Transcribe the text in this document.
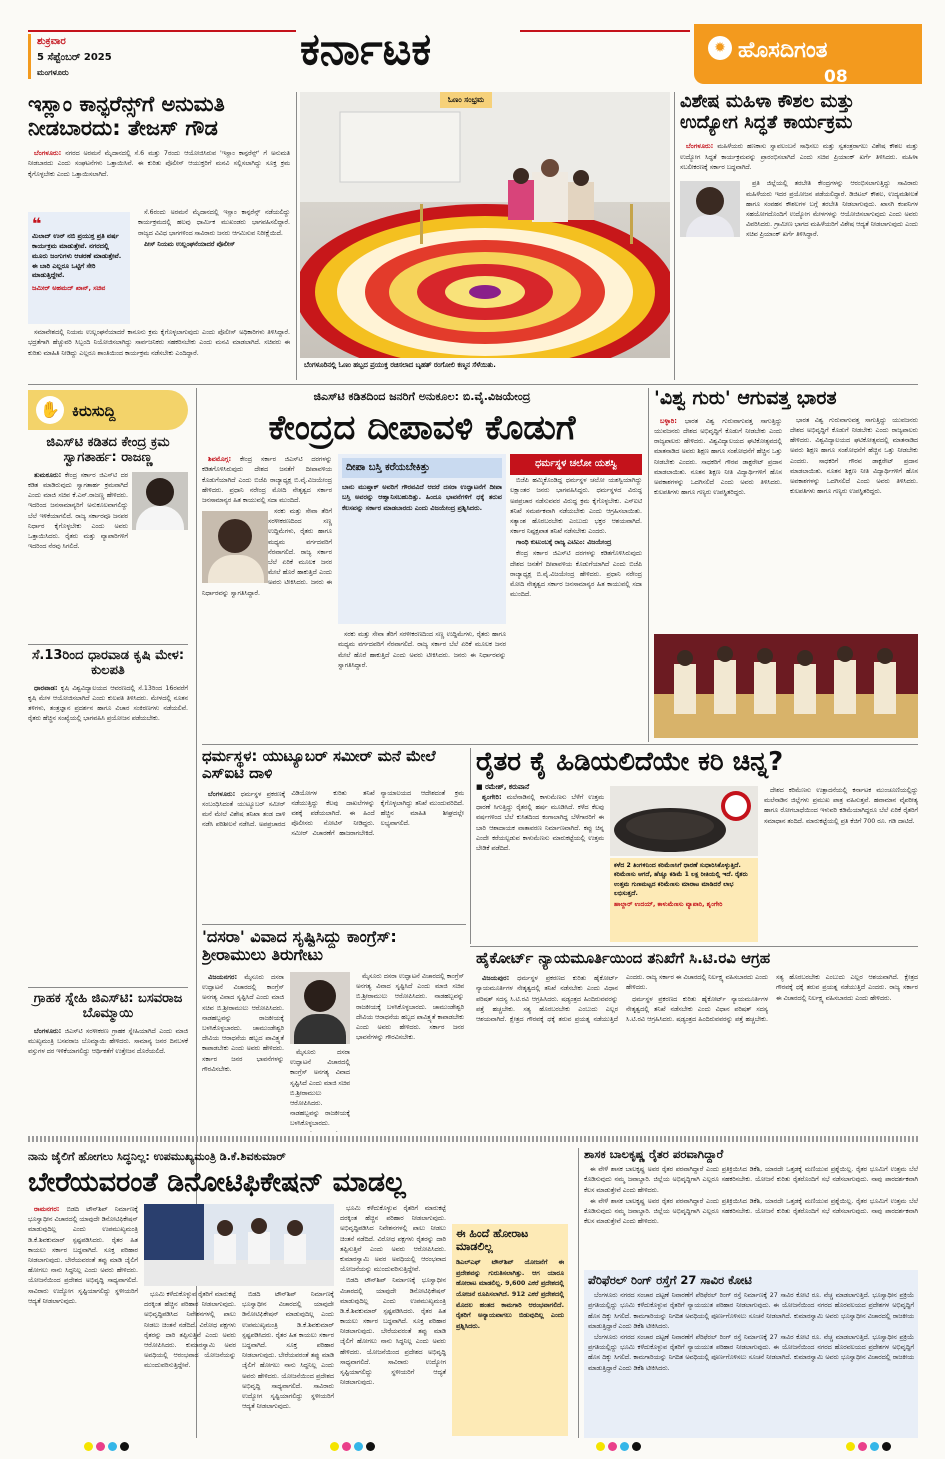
ಶುಕ್ರವಾರ
5 ಸೆಪ್ಟೆಂಬರ್ 2025
ಮಂಗಳೂರು	ಕರ್ನಾಟಕ	✹ ಹೊಸದಿಗಂತ
08
ಇಸ್ಲಾಂ ಕಾನ್ಫರೆನ್ಸ್‌ಗೆ ಅನುಮತಿ ನೀಡಬಾರದು: ತೇಜಸ್ ಗೌಡ

ಬೆಂಗಳೂರು: ನಗರದ ಅರಮನೆ ಮೈದಾನದಲ್ಲಿ ಸೆ.6 ಮತ್ತು 7ರಂದು ಆಯೋಜಿಸಿರುವ 'ಇಸ್ಲಾಂ ಕಾನ್ಫರೆನ್ಸ್' ಗೆ ಅನುಮತಿ ನೀಡಬಾರದು ಎಂದು ಸಂಘಟನೆಗಳು ಒತ್ತಾಯಿಸಿವೆ. ಈ ಕುರಿತು ಪೊಲೀಸ್ ಆಯುಕ್ತರಿಗೆ ಮನವಿ ಸಲ್ಲಿಸಲಾಗಿದ್ದು ಸೂಕ್ತ ಕ್ರಮ ಕೈಗೊಳ್ಳಬೇಕು ಎಂದು ಒತ್ತಾಯಿಸಲಾಗಿದೆ.

❝
ಮಿಲಾದ್ ಉನ್ ನಬಿ ಪ್ರಯುಕ್ತ ಪ್ರತಿ ವರ್ಷ ಕಾರ್ಯಕ್ರಮ ಮಾಡುತ್ತೇವೆ. ನಗರದಲ್ಲಿ ಮೂರು ಜಂಗುಗಳು ಆಚರಣೆ ಮಾಡುತ್ತೇವೆ. ಈ ಬಾರಿ ಎಲ್ಲರೂ ಒಟ್ಟಿಗೆ ಸೇರಿ ಮಾಡುತ್ತಿದ್ದೇವೆ.
ಜಮೀರ್ ಅಹಮದ್ ಖಾನ್, ಸಚಿವ

ಸೆ.6ರಂದು ಅರಮನೆ ಮೈದಾನದಲ್ಲಿ ಇಸ್ಲಾಂ ಕಾನ್ಫರೆನ್ಸ್ ನಡೆಯಲಿದ್ದು ಕಾರ್ಯಕ್ರಮದಲ್ಲಿ ಹಲವು ಧಾರ್ಮಿಕ ಮುಖಂಡರು ಭಾಗವಹಿಸಲಿದ್ದಾರೆ. ರಾಜ್ಯದ ವಿವಿಧ ಭಾಗಗಳಿಂದ ಸಾವಿರಾರು ಜನರು ಆಗಮಿಸುವ ನಿರೀಕ್ಷೆಯಿದೆ.

ಪೀಸ್ ನಿಯಮ ಉಲ್ಲಂಘನೆಯಾದರೆ ಪೊಲೀಸ್

ಸಮಾವೇಶದಲ್ಲಿ ನಿಯಮ ಉಲ್ಲಂಘನೆಯಾದರೆ ಕಾನೂನು ಕ್ರಮ ಕೈಗೊಳ್ಳಲಾಗುವುದು ಎಂದು ಪೊಲೀಸ್ ಅಧಿಕಾರಿಗಳು ತಿಳಿಸಿದ್ದಾರೆ. ಭದ್ರತೆಗಾಗಿ ಹೆಚ್ಚುವರಿ ಸಿಬ್ಬಂದಿ ನಿಯೋಜಿಸಲಾಗಿದ್ದು ಸಾರ್ವಜನಿಕರು ಸಹಕರಿಸಬೇಕು ಎಂದು ಮನವಿ ಮಾಡಲಾಗಿದೆ. ಸಚಿವರು ಈ ಕುರಿತು ಮಾಹಿತಿ ನೀಡಿದ್ದು ಎಲ್ಲರೂ ಶಾಂತಿಯಿಂದ ಕಾರ್ಯಕ್ರಮ ನಡೆಸಬೇಕು ಎಂದಿದ್ದಾರೆ.

ಓಣಂ ಸಂಭ್ರಮ
ಬೆಂಗಳೂರಿನಲ್ಲಿ ಓಣಂ ಹಬ್ಬದ ಪ್ರಯುಕ್ತ ರಚಿಸಲಾದ ಬೃಹತ್ ರಂಗೋಲಿ ಕಣ್ಮನ ಸೆಳೆಯಿತು.
ವಿಶೇಷ ಮಹಿಳಾ ಕೌಶಲ ಮತ್ತು ಉದ್ಯೋಗ ಸಿದ್ಧತೆ ಕಾರ್ಯಕ್ರಮ

ಬೆಂಗಳೂರು: ಮಹಿಳೆಯರು ಹಣಕಾಸು ಸ್ವಾವಲಂಬನೆ ಸಾಧಿಸಲು ಮತ್ತು ಸ್ವತಂತ್ರರಾಗಲು ವಿಶೇಷ ಕೌಶಲ ಮತ್ತು ಉದ್ಯೋಗ ಸಿದ್ಧತೆ ಕಾರ್ಯಕ್ರಮವನ್ನು ಪ್ರಾರಂಭಿಸಲಾಗಿದೆ ಎಂದು ಸಚಿವ ಪ್ರಿಯಾಂಕ್ ಖರ್ಗೆ ತಿಳಿಸಿದರು. ಮಹಿಳಾ ಸಬಲೀಕರಣಕ್ಕೆ ಸರ್ಕಾರ ಬದ್ಧವಾಗಿದೆ.

ಪ್ರತಿ ಜಿಲ್ಲೆಯಲ್ಲಿ ತರಬೇತಿ ಕೇಂದ್ರಗಳನ್ನು ಆರಂಭಿಸಲಾಗುತ್ತಿದ್ದು ಸಾವಿರಾರು ಮಹಿಳೆಯರು ಇದರ ಪ್ರಯೋಜನ ಪಡೆಯಲಿದ್ದಾರೆ. ಡಿಜಿಟಲ್ ಕೌಶಲ, ಉದ್ಯಮಶೀಲತೆ ಹಾಗೂ ಸಂವಹನ ಕೌಶಲಗಳ ಬಗ್ಗೆ ತರಬೇತಿ ನೀಡಲಾಗುವುದು. ಖಾಸಗಿ ಕಂಪನಿಗಳ ಸಹಯೋಗದೊಂದಿಗೆ ಉದ್ಯೋಗ ಮೇಳಗಳನ್ನು ಆಯೋಜಿಸಲಾಗುವುದು ಎಂದು ಅವರು ವಿವರಿಸಿದರು. ಗ್ರಾಮೀಣ ಭಾಗದ ಮಹಿಳೆಯರಿಗೆ ವಿಶೇಷ ಆದ್ಯತೆ ನೀಡಲಾಗುವುದು ಎಂದು ಸಚಿವ ಪ್ರಿಯಾಂಕ್ ಖರ್ಗೆ ತಿಳಿಸಿದ್ದಾರೆ.

✋ ಕಿರುಸುದ್ದಿ
ಜಿಎಸ್‌ಟಿ ಕಡಿತದ ಕೇಂದ್ರ ಕ್ರಮ ಸ್ವಾಗತಾರ್ಹ: ರಾಜಣ್ಣ

ತುಮಕೂರು: ಕೇಂದ್ರ ಸರ್ಕಾರ ಜಿಎಸ್‌ಟಿ ದರ ಕಡಿತ ಮಾಡಿರುವುದು ಸ್ವಾಗತಾರ್ಹ ಕ್ರಮವಾಗಿದೆ ಎಂದು ಮಾಜಿ ಸಚಿವ ಕೆ.ಎನ್.ರಾಜಣ್ಣ ಹೇಳಿದರು. ಇದರಿಂದ ಜನಸಾಮಾನ್ಯರಿಗೆ ಅನುಕೂಲವಾಗಲಿದ್ದು ಬೆಲೆ ಇಳಿಕೆಯಾಗಲಿದೆ. ರಾಜ್ಯ ಸರ್ಕಾರವೂ ಜನಪರ ನಿರ್ಧಾರ ಕೈಗೊಳ್ಳಬೇಕು ಎಂದು ಅವರು ಒತ್ತಾಯಿಸಿದರು. ರೈತರು ಮತ್ತು ವ್ಯಾಪಾರಿಗಳಿಗೆ ಇದರಿಂದ ನೆರವು ಸಿಗಲಿದೆ.

ಸೆ.13ರಿಂದ ಧಾರವಾಡ ಕೃಷಿ ಮೇಳ: ಕುಲಪತಿ

ಧಾರವಾಡ: ಕೃಷಿ ವಿಶ್ವವಿದ್ಯಾಲಯದ ಆವರಣದಲ್ಲಿ ಸೆ.13ರಿಂದ 16ರವರೆಗೆ ಕೃಷಿ ಮೇಳ ಆಯೋಜಿಸಲಾಗಿದೆ ಎಂದು ಕುಲಪತಿ ತಿಳಿಸಿದರು. ಮೇಳದಲ್ಲಿ ನೂತನ ತಳಿಗಳು, ತಂತ್ರಜ್ಞಾನ ಪ್ರದರ್ಶನ ಹಾಗೂ ವಿಚಾರ ಸಂಕಿರಣಗಳು ನಡೆಯಲಿವೆ. ರೈತರು ಹೆಚ್ಚಿನ ಸಂಖ್ಯೆಯಲ್ಲಿ ಭಾಗವಹಿಸಿ ಪ್ರಯೋಜನ ಪಡೆಯಬೇಕು.

ಗ್ರಾಹಕ ಸ್ನೇಹಿ ಜಿಎಸ್‌ಟಿ: ಬಸವರಾಜ ಬೊಮ್ಮಾಯಿ

ಬೆಂಗಳೂರು: ಜಿಎಸ್‌ಟಿ ಸರಳೀಕರಣ ಗ್ರಾಹಕ ಸ್ನೇಹಿಯಾಗಿದೆ ಎಂದು ಮಾಜಿ ಮುಖ್ಯಮಂತ್ರಿ ಬಸವರಾಜ ಬೊಮ್ಮಾಯಿ ಹೇಳಿದರು. ಸಾಮಾನ್ಯ ಜನರ ದಿನಬಳಕೆ ವಸ್ತುಗಳ ದರ ಇಳಿಕೆಯಾಗಲಿದ್ದು ಆರ್ಥಿಕತೆಗೆ ಉತ್ತೇಜನ ದೊರೆಯಲಿದೆ.

ಜಿಎಸ್‌ಟಿ ಕಡಿತದಿಂದ ಜನರಿಗೆ ಅನುಕೂಲ: ಬಿ.ವೈ.ವಿಜಯೇಂದ್ರ
ಕೇಂದ್ರದ ದೀಪಾವಳಿ ಕೊಡುಗೆ

ಶಿವಮೊಗ್ಗ: ಕೇಂದ್ರ ಸರ್ಕಾರ ಜಿಎಸ್‌ಟಿ ದರಗಳನ್ನು ಕಡಿತಗೊಳಿಸಿರುವುದು ದೇಶದ ಜನತೆಗೆ ದೀಪಾವಳಿಯ ಕೊಡುಗೆಯಾಗಿದೆ ಎಂದು ಬಿಜೆಪಿ ರಾಜ್ಯಾಧ್ಯಕ್ಷ ಬಿ.ವೈ.ವಿಜಯೇಂದ್ರ ಹೇಳಿದರು. ಪ್ರಧಾನಿ ನರೇಂದ್ರ ಮೋದಿ ನೇತೃತ್ವದ ಸರ್ಕಾರ ಜನಸಾಮಾನ್ಯರ ಹಿತ ಕಾಯುವಲ್ಲಿ ಸದಾ ಮುಂದಿದೆ.

ಸರಕು ಮತ್ತು ಸೇವಾ ತೆರಿಗೆ ಸರಳೀಕರಣದಿಂದ ಸಣ್ಣ ಉದ್ದಿಮೆಗಳು, ರೈತರು ಹಾಗೂ ಮಧ್ಯಮ ವರ್ಗದವರಿಗೆ ನೆರವಾಗಲಿದೆ. ರಾಜ್ಯ ಸರ್ಕಾರ ಬೆಲೆ ಏರಿಕೆ ಮೂಲಕ ಜನರ ಮೇಲೆ ಹೊರೆ ಹಾಕುತ್ತಿದೆ ಎಂದು ಅವರು ಟೀಕಿಸಿದರು. ಜನರು ಈ ನಿರ್ಧಾರವನ್ನು ಸ್ವಾಗತಿಸಿದ್ದಾರೆ.

ದೀಪಾ ಬಸ್ತಿ ಕರೆಯಬೇಕಿತ್ತು
ಬಾನು ಮುಷ್ತಾಕ್ ಅವರಿಗೆ ಗೌರವವಿದೆ ಆದರೆ ದಸರಾ ಉದ್ಘಾಟನೆಗೆ ದೀಪಾ ಬಸ್ತಿ ಅವರನ್ನು ಆಹ್ವಾನಿಸಬಹುದಿತ್ತು. ಹಿಂದೂ ಭಾವನೆಗಳಿಗೆ ಧಕ್ಕೆ ತರುವ ಕೆಲಸವನ್ನು ಸರ್ಕಾರ ಮಾಡಬಾರದು ಎಂದು ವಿಜಯೇಂದ್ರ ಪ್ರಶ್ನಿಸಿದರು.

ಸರಕು ಮತ್ತು ಸೇವಾ ತೆರಿಗೆ ಸರಳೀಕರಣದಿಂದ ಸಣ್ಣ ಉದ್ದಿಮೆಗಳು, ರೈತರು ಹಾಗೂ ಮಧ್ಯಮ ವರ್ಗದವರಿಗೆ ನೆರವಾಗಲಿದೆ. ರಾಜ್ಯ ಸರ್ಕಾರ ಬೆಲೆ ಏರಿಕೆ ಮೂಲಕ ಜನರ ಮೇಲೆ ಹೊರೆ ಹಾಕುತ್ತಿದೆ ಎಂದು ಅವರು ಟೀಕಿಸಿದರು. ಜನರು ಈ ನಿರ್ಧಾರವನ್ನು ಸ್ವಾಗತಿಸಿದ್ದಾರೆ.

ಧರ್ಮಸ್ಥಳ ಚಲೋ ಯಶಸ್ವಿ

ಬಿಜೆಪಿ ಹಮ್ಮಿಕೊಂಡಿದ್ದ ಧರ್ಮಸ್ಥಳ ಚಲೋ ಯಶಸ್ವಿಯಾಗಿದ್ದು ಲಕ್ಷಾಂತರ ಜನರು ಭಾಗವಹಿಸಿದ್ದರು. ಧರ್ಮಸ್ಥಳದ ವಿರುದ್ಧ ಅಪಪ್ರಚಾರ ನಡೆಸುವವರ ವಿರುದ್ಧ ಕ್ರಮ ಕೈಗೊಳ್ಳಬೇಕು. ಎಸ್ಐಟಿ ತನಿಖೆ ಸಮರ್ಪಕವಾಗಿ ನಡೆಯಬೇಕು ಎಂದು ಆಗ್ರಹಿಸಲಾಯಿತು. ಸತ್ಯಾಂಶ ಹೊರಬರಬೇಕು ಎಂಬುದು ಭಕ್ತರ ಆಶಯವಾಗಿದೆ. ಸರ್ಕಾರ ನಿಷ್ಪಕ್ಷಪಾತ ತನಿಖೆ ನಡೆಸಬೇಕು ಎಂದರು.

ಗಾಂಧಿ ಕುಟುಂಬಕ್ಕೆ ರಾಜ್ಯ ಎಟಿಎಂ: ವಿಜಯೇಂದ್ರ

ಕೇಂದ್ರ ಸರ್ಕಾರ ಜಿಎಸ್‌ಟಿ ದರಗಳನ್ನು ಕಡಿತಗೊಳಿಸಿರುವುದು ದೇಶದ ಜನತೆಗೆ ದೀಪಾವಳಿಯ ಕೊಡುಗೆಯಾಗಿದೆ ಎಂದು ಬಿಜೆಪಿ ರಾಜ್ಯಾಧ್ಯಕ್ಷ ಬಿ.ವೈ.ವಿಜಯೇಂದ್ರ ಹೇಳಿದರು. ಪ್ರಧಾನಿ ನರೇಂದ್ರ ಮೋದಿ ನೇತೃತ್ವದ ಸರ್ಕಾರ ಜನಸಾಮಾನ್ಯರ ಹಿತ ಕಾಯುವಲ್ಲಿ ಸದಾ ಮುಂದಿದೆ.

'ವಿಶ್ವ ಗುರು' ಆಗುವತ್ತ ಭಾರತ

ಬಳ್ಳಾರಿ: ಭಾರತ ವಿಶ್ವ ಗುರುವಾಗುವತ್ತ ಸಾಗುತ್ತಿದ್ದು ಯುವಜನರು ದೇಶದ ಅಭಿವೃದ್ಧಿಗೆ ಕೊಡುಗೆ ನೀಡಬೇಕು ಎಂದು ರಾಜ್ಯಪಾಲರು ಹೇಳಿದರು. ವಿಶ್ವವಿದ್ಯಾಲಯದ ಘಟಿಕೋತ್ಸವದಲ್ಲಿ ಮಾತನಾಡಿದ ಅವರು ಶಿಕ್ಷಣ ಹಾಗೂ ಸಂಶೋಧನೆಗೆ ಹೆಚ್ಚಿನ ಒತ್ತು ನೀಡಬೇಕು ಎಂದರು. ಸಾಧಕರಿಗೆ ಗೌರವ ಡಾಕ್ಟರೇಟ್ ಪ್ರದಾನ ಮಾಡಲಾಯಿತು. ನೂತನ ಶಿಕ್ಷಣ ನೀತಿ ವಿದ್ಯಾರ್ಥಿಗಳಿಗೆ ಹೊಸ ಅವಕಾಶಗಳನ್ನು ಒದಗಿಸಲಿದೆ ಎಂದು ಅವರು ತಿಳಿಸಿದರು. ಕುಲಪತಿಗಳು ಹಾಗೂ ಗಣ್ಯರು ಉಪಸ್ಥಿತರಿದ್ದರು.

ಭಾರತ ವಿಶ್ವ ಗುರುವಾಗುವತ್ತ ಸಾಗುತ್ತಿದ್ದು ಯುವಜನರು ದೇಶದ ಅಭಿವೃದ್ಧಿಗೆ ಕೊಡುಗೆ ನೀಡಬೇಕು ಎಂದು ರಾಜ್ಯಪಾಲರು ಹೇಳಿದರು. ವಿಶ್ವವಿದ್ಯಾಲಯದ ಘಟಿಕೋತ್ಸವದಲ್ಲಿ ಮಾತನಾಡಿದ ಅವರು ಶಿಕ್ಷಣ ಹಾಗೂ ಸಂಶೋಧನೆಗೆ ಹೆಚ್ಚಿನ ಒತ್ತು ನೀಡಬೇಕು ಎಂದರು. ಸಾಧಕರಿಗೆ ಗೌರವ ಡಾಕ್ಟರೇಟ್ ಪ್ರದಾನ ಮಾಡಲಾಯಿತು. ನೂತನ ಶಿಕ್ಷಣ ನೀತಿ ವಿದ್ಯಾರ್ಥಿಗಳಿಗೆ ಹೊಸ ಅವಕಾಶಗಳನ್ನು ಒದಗಿಸಲಿದೆ ಎಂದು ಅವರು ತಿಳಿಸಿದರು. ಕುಲಪತಿಗಳು ಹಾಗೂ ಗಣ್ಯರು ಉಪಸ್ಥಿತರಿದ್ದರು.

ಧರ್ಮಸ್ಥಳ: ಯುಟ್ಯೂಬರ್ ಸಮೀರ್ ಮನೆ ಮೇಲೆ ಎಸ್ಐಟಿ ದಾಳಿ

ಬೆಂಗಳೂರು: ಧರ್ಮಸ್ಥಳ ಪ್ರಕರಣಕ್ಕೆ ಸಂಬಂಧಿಸಿದಂತೆ ಯುಟ್ಯೂಬರ್ ಸಮೀರ್ ಮನೆ ಮೇಲೆ ವಿಶೇಷ ತನಿಖಾ ತಂಡ ದಾಳಿ ನಡೆಸಿ ಪರಿಶೀಲನೆ ನಡೆಸಿದೆ. ಅಪಪ್ರಚಾರದ ವಿಡಿಯೋಗಳ ಕುರಿತು ತನಿಖೆ ನಡೆಯುತ್ತಿದ್ದು ಕೆಲವು ದಾಖಲೆಗಳನ್ನು ವಶಕ್ಕೆ ಪಡೆಯಲಾಗಿದೆ. ಈ ಹಿಂದೆ ಪೊಲೀಸರು ನೋಟಿಸ್ ನೀಡಿದ್ದರು. ಸಮೀರ್ ವಿಚಾರಣೆಗೆ ಹಾಜರಾಗಬೇಕಿದೆ. ನ್ಯಾಯಾಲಯದ ಆದೇಶದಂತೆ ಕ್ರಮ ಕೈಗೊಳ್ಳಲಾಗಿದ್ದು ತನಿಖೆ ಮುಂದುವರಿದಿದೆ. ಹೆಚ್ಚಿನ ಮಾಹಿತಿ ಶೀಘ್ರದಲ್ಲೇ ಲಭ್ಯವಾಗಲಿದೆ.

ರೈತರ ಕೈ ಹಿಡಿಯಲಿದೆಯೇ ಕರಿ ಚಿನ್ನ?
■ ರಮೇಶ್, ಕರುವಾನೆ

ಶೃಂಗೇರಿ: ಮಲೆನಾಡಿನಲ್ಲಿ ಕಾಳುಮೆಣಸು ಬೆಳೆಗೆ ಉತ್ತಮ ಧಾರಣೆ ಸಿಗುತ್ತಿದ್ದು ರೈತರಲ್ಲಿ ಹರ್ಷ ಮೂಡಿಸಿದೆ. ಕಳೆದ ಕೆಲವು ವರ್ಷಗಳಿಂದ ಬೆಲೆ ಕುಸಿತದಿಂದ ಕಂಗಾಲಾಗಿದ್ದ ಬೆಳೆಗಾರರಿಗೆ ಈ ಬಾರಿ ಆಶಾದಾಯಕ ವಾತಾವರಣ ನಿರ್ಮಾಣವಾಗಿದೆ. ಕಪ್ಪು ಚಿನ್ನ ಎಂದೇ ಕರೆಯಲ್ಪಡುವ ಕಾಳುಮೆಣಸು ಮಾರುಕಟ್ಟೆಯಲ್ಲಿ ಉತ್ತಮ ಬೇಡಿಕೆ ಪಡೆದಿದೆ.

ಕಳೆದ 2 ತಿಂಗಳಿನಿಂದ ಕರಿಮೆಣಸಿಗೆ ಧಾರಣೆ ಸುಧಾರಿಸಿಕೊಳ್ಳುತ್ತಿದೆ. ಕರಿಮೆಣಸು ಆಗದೆ, ಹೆಚ್ಚೂ ಕಡಿಮೆ 1 ಲಕ್ಷ ರೀತಿಯಲ್ಲಿ ಇದೆ. ರೈತರು ಉತ್ತಮ ಗುಣಮಟ್ಟದ ಕರಿಮೆಣಸು ಮಾರಾಟ ಮಾಡಿದರೆ ಲಾಭ ಲಭಿಸುತ್ತದೆ.
ಹಾಲ್ದಾರ್ ಉದಯ್, ಕಾಳುಮೆಣಸು ವ್ಯಾಪಾರಿ, ಶೃಂಗೇರಿ

ದೇಶದ ಕರಿಮೆಣಸು ಉತ್ಪಾದನೆಯಲ್ಲಿ ಕರ್ನಾಟಕ ಮುಂಚೂಣಿಯಲ್ಲಿದ್ದು ಮಲೆನಾಡಿನ ಜಿಲ್ಲೆಗಳು ಪ್ರಮುಖ ಪಾತ್ರ ವಹಿಸುತ್ತವೆ. ಹವಾಮಾನ ವೈಪರೀತ್ಯ ಹಾಗೂ ರೋಗಬಾಧೆಯಿಂದ ಇಳುವರಿ ಕಡಿಮೆಯಾಗಿದ್ದರೂ ಬೆಲೆ ಏರಿಕೆ ರೈತರಿಗೆ ಸಮಾಧಾನ ತಂದಿದೆ. ಮಾರುಕಟ್ಟೆಯಲ್ಲಿ ಪ್ರತಿ ಕೆಜಿಗೆ 700 ರೂ. ಗಡಿ ದಾಟಿದೆ.

'ದಸರಾ' ವಿವಾದ ಸೃಷ್ಟಿಸಿದ್ದು ಕಾಂಗ್ರೆಸ್: ಶ್ರೀರಾಮುಲು ತಿರುಗೇಟು

ವಿಜಯನಗರ: ಮೈಸೂರು ದಸರಾ ಉದ್ಘಾಟನೆ ವಿಚಾರದಲ್ಲಿ ಕಾಂಗ್ರೆಸ್ ಅನಗತ್ಯ ವಿವಾದ ಸೃಷ್ಟಿಸಿದೆ ಎಂದು ಮಾಜಿ ಸಚಿವ ಬಿ.ಶ್ರೀರಾಮುಲು ಆರೋಪಿಸಿದರು. ನಾಡಹಬ್ಬವನ್ನು ರಾಜಕೀಯಕ್ಕೆ ಬಳಸಿಕೊಳ್ಳಬಾರದು. ಚಾಮುಂಡೇಶ್ವರಿ ದೇವಿಯ ಆರಾಧನೆಯ ಹಬ್ಬದ ಪಾವಿತ್ರ್ಯತೆ ಕಾಪಾಡಬೇಕು ಎಂದು ಅವರು ಹೇಳಿದರು. ಸರ್ಕಾರ ಜನರ ಭಾವನೆಗಳನ್ನು ಗೌರವಿಸಬೇಕು.

ಮೈಸೂರು ದಸರಾ ಉದ್ಘಾಟನೆ ವಿಚಾರದಲ್ಲಿ ಕಾಂಗ್ರೆಸ್ ಅನಗತ್ಯ ವಿವಾದ ಸೃಷ್ಟಿಸಿದೆ ಎಂದು ಮಾಜಿ ಸಚಿವ ಬಿ.ಶ್ರೀರಾಮುಲು ಆರೋಪಿಸಿದರು. ನಾಡಹಬ್ಬವನ್ನು ರಾಜಕೀಯಕ್ಕೆ ಬಳಸಿಕೊಳ್ಳಬಾರದು.

ಮೈಸೂರು ದಸರಾ ಉದ್ಘಾಟನೆ ವಿಚಾರದಲ್ಲಿ ಕಾಂಗ್ರೆಸ್ ಅನಗತ್ಯ ವಿವಾದ ಸೃಷ್ಟಿಸಿದೆ ಎಂದು ಮಾಜಿ ಸಚಿವ ಬಿ.ಶ್ರೀರಾಮುಲು ಆರೋಪಿಸಿದರು. ನಾಡಹಬ್ಬವನ್ನು ರಾಜಕೀಯಕ್ಕೆ ಬಳಸಿಕೊಳ್ಳಬಾರದು. ಚಾಮುಂಡೇಶ್ವರಿ ದೇವಿಯ ಆರಾಧನೆಯ ಹಬ್ಬದ ಪಾವಿತ್ರ್ಯತೆ ಕಾಪಾಡಬೇಕು ಎಂದು ಅವರು ಹೇಳಿದರು. ಸರ್ಕಾರ ಜನರ ಭಾವನೆಗಳನ್ನು ಗೌರವಿಸಬೇಕು.

ಹೈಕೋರ್ಟ್ ನ್ಯಾಯಮೂರ್ತಿಯಿಂದ ತನಿಖೆಗೆ ಸಿ.ಟಿ.ರವಿ ಆಗ್ರಹ

ವಿಜಯಪುರ: ಧರ್ಮಸ್ಥಳ ಪ್ರಕರಣದ ಕುರಿತು ಹೈಕೋರ್ಟ್ ನ್ಯಾಯಮೂರ್ತಿಗಳ ನೇತೃತ್ವದಲ್ಲಿ ತನಿಖೆ ನಡೆಸಬೇಕು ಎಂದು ವಿಧಾನ ಪರಿಷತ್ ಸದಸ್ಯ ಸಿ.ಟಿ.ರವಿ ಆಗ್ರಹಿಸಿದರು. ಷಡ್ಯಂತ್ರದ ಹಿಂದಿರುವವರನ್ನು ಪತ್ತೆ ಹಚ್ಚಬೇಕು. ಸತ್ಯ ಹೊರಬರಬೇಕು ಎಂಬುದು ಎಲ್ಲರ ಆಶಯವಾಗಿದೆ. ಕ್ಷೇತ್ರದ ಗೌರವಕ್ಕೆ ಧಕ್ಕೆ ತರುವ ಪ್ರಯತ್ನ ನಡೆಯುತ್ತಿದೆ ಎಂದರು. ರಾಜ್ಯ ಸರ್ಕಾರ ಈ ವಿಚಾರದಲ್ಲಿ ನಿರ್ಲಕ್ಷ್ಯ ವಹಿಸಬಾರದು ಎಂದು ಹೇಳಿದರು.

ಧರ್ಮಸ್ಥಳ ಪ್ರಕರಣದ ಕುರಿತು ಹೈಕೋರ್ಟ್ ನ್ಯಾಯಮೂರ್ತಿಗಳ ನೇತೃತ್ವದಲ್ಲಿ ತನಿಖೆ ನಡೆಸಬೇಕು ಎಂದು ವಿಧಾನ ಪರಿಷತ್ ಸದಸ್ಯ ಸಿ.ಟಿ.ರವಿ ಆಗ್ರಹಿಸಿದರು. ಷಡ್ಯಂತ್ರದ ಹಿಂದಿರುವವರನ್ನು ಪತ್ತೆ ಹಚ್ಚಬೇಕು. ಸತ್ಯ ಹೊರಬರಬೇಕು ಎಂಬುದು ಎಲ್ಲರ ಆಶಯವಾಗಿದೆ. ಕ್ಷೇತ್ರದ ಗೌರವಕ್ಕೆ ಧಕ್ಕೆ ತರುವ ಪ್ರಯತ್ನ ನಡೆಯುತ್ತಿದೆ ಎಂದರು. ರಾಜ್ಯ ಸರ್ಕಾರ ಈ ವಿಚಾರದಲ್ಲಿ ನಿರ್ಲಕ್ಷ್ಯ ವಹಿಸಬಾರದು ಎಂದು ಹೇಳಿದರು.

ನಾನು ಜೈಲಿಗೆ ಹೋಗಲು ಸಿದ್ಧನಿಲ್ಲ: ಉಪಮುಖ್ಯಮಂತ್ರಿ ಡಿ.ಕೆ.ಶಿವಕುಮಾರ್
ಬೇರೆಯವರಂತೆ ಡಿನೋಟಿಫಿಕೇಷನ್ ಮಾಡಲ್ಲ

ರಾಮನಗರ: ಬಿಡದಿ ಟೌನ್‌ಶಿಪ್ ನಿರ್ಮಾಣಕ್ಕೆ ಭೂಸ್ವಾಧೀನ ವಿಚಾರದಲ್ಲಿ ಯಾವುದೇ ಡಿನೋಟಿಫಿಕೇಷನ್ ಮಾಡುವುದಿಲ್ಲ ಎಂದು ಉಪಮುಖ್ಯಮಂತ್ರಿ ಡಿ.ಕೆ.ಶಿವಕುಮಾರ್ ಸ್ಪಷ್ಟಪಡಿಸಿದರು. ರೈತರ ಹಿತ ಕಾಯಲು ಸರ್ಕಾರ ಬದ್ಧವಾಗಿದೆ. ಸೂಕ್ತ ಪರಿಹಾರ ನೀಡಲಾಗುವುದು. ಬೇರೆಯವರಂತೆ ತಪ್ಪು ಮಾಡಿ ಜೈಲಿಗೆ ಹೋಗಲು ನಾನು ಸಿದ್ಧನಿಲ್ಲ ಎಂದು ಅವರು ಹೇಳಿದರು. ಯೋಜನೆಯಿಂದ ಪ್ರದೇಶದ ಅಭಿವೃದ್ಧಿ ಸಾಧ್ಯವಾಗಲಿದೆ. ಸಾವಿರಾರು ಉದ್ಯೋಗ ಸೃಷ್ಟಿಯಾಗಲಿದ್ದು ಸ್ಥಳೀಯರಿಗೆ ಆದ್ಯತೆ ನೀಡಲಾಗುವುದು.

ಭೂಮಿ ಕಳೆದುಕೊಳ್ಳುವ ರೈತರಿಗೆ ಮಾರುಕಟ್ಟೆ ದರಕ್ಕಿಂತ ಹೆಚ್ಚಿನ ಪರಿಹಾರ ನೀಡಲಾಗುವುದು. ಅಭಿವೃದ್ಧಿಪಡಿಸಿದ ನಿವೇಶನಗಳಲ್ಲಿ ಪಾಲು ನೀಡಲು ಚಿಂತನೆ ನಡೆದಿದೆ. ವಿರೋಧ ಪಕ್ಷಗಳು ರೈತರನ್ನು ದಾರಿ ತಪ್ಪಿಸುತ್ತಿವೆ ಎಂದು ಅವರು ಆರೋಪಿಸಿದರು. ಕುಮಾರಸ್ವಾಮಿ ಅವರ ಅವಧಿಯಲ್ಲಿ ಆರಂಭವಾದ ಯೋಜನೆಯನ್ನು ಮುಂದುವರಿಸುತ್ತಿದ್ದೇವೆ.

ಬಿಡದಿ ಟೌನ್‌ಶಿಪ್ ನಿರ್ಮಾಣಕ್ಕೆ ಭೂಸ್ವಾಧೀನ ವಿಚಾರದಲ್ಲಿ ಯಾವುದೇ ಡಿನೋಟಿಫಿಕೇಷನ್ ಮಾಡುವುದಿಲ್ಲ ಎಂದು ಉಪಮುಖ್ಯಮಂತ್ರಿ ಡಿ.ಕೆ.ಶಿವಕುಮಾರ್ ಸ್ಪಷ್ಟಪಡಿಸಿದರು. ರೈತರ ಹಿತ ಕಾಯಲು ಸರ್ಕಾರ ಬದ್ಧವಾಗಿದೆ. ಸೂಕ್ತ ಪರಿಹಾರ ನೀಡಲಾಗುವುದು. ಬೇರೆಯವರಂತೆ ತಪ್ಪು ಮಾಡಿ ಜೈಲಿಗೆ ಹೋಗಲು ನಾನು ಸಿದ್ಧನಿಲ್ಲ ಎಂದು ಅವರು ಹೇಳಿದರು. ಯೋಜನೆಯಿಂದ ಪ್ರದೇಶದ ಅಭಿವೃದ್ಧಿ ಸಾಧ್ಯವಾಗಲಿದೆ. ಸಾವಿರಾರು ಉದ್ಯೋಗ ಸೃಷ್ಟಿಯಾಗಲಿದ್ದು ಸ್ಥಳೀಯರಿಗೆ ಆದ್ಯತೆ ನೀಡಲಾಗುವುದು.

ಭೂಮಿ ಕಳೆದುಕೊಳ್ಳುವ ರೈತರಿಗೆ ಮಾರುಕಟ್ಟೆ ದರಕ್ಕಿಂತ ಹೆಚ್ಚಿನ ಪರಿಹಾರ ನೀಡಲಾಗುವುದು. ಅಭಿವೃದ್ಧಿಪಡಿಸಿದ ನಿವೇಶನಗಳಲ್ಲಿ ಪಾಲು ನೀಡಲು ಚಿಂತನೆ ನಡೆದಿದೆ. ವಿರೋಧ ಪಕ್ಷಗಳು ರೈತರನ್ನು ದಾರಿ ತಪ್ಪಿಸುತ್ತಿವೆ ಎಂದು ಅವರು ಆರೋಪಿಸಿದರು. ಕುಮಾರಸ್ವಾಮಿ ಅವರ ಅವಧಿಯಲ್ಲಿ ಆರಂಭವಾದ ಯೋಜನೆಯನ್ನು ಮುಂದುವರಿಸುತ್ತಿದ್ದೇವೆ.

ಬಿಡದಿ ಟೌನ್‌ಶಿಪ್ ನಿರ್ಮಾಣಕ್ಕೆ ಭೂಸ್ವಾಧೀನ ವಿಚಾರದಲ್ಲಿ ಯಾವುದೇ ಡಿನೋಟಿಫಿಕೇಷನ್ ಮಾಡುವುದಿಲ್ಲ ಎಂದು ಉಪಮುಖ್ಯಮಂತ್ರಿ ಡಿ.ಕೆ.ಶಿವಕುಮಾರ್ ಸ್ಪಷ್ಟಪಡಿಸಿದರು. ರೈತರ ಹಿತ ಕಾಯಲು ಸರ್ಕಾರ ಬದ್ಧವಾಗಿದೆ. ಸೂಕ್ತ ಪರಿಹಾರ ನೀಡಲಾಗುವುದು. ಬೇರೆಯವರಂತೆ ತಪ್ಪು ಮಾಡಿ ಜೈಲಿಗೆ ಹೋಗಲು ನಾನು ಸಿದ್ಧನಿಲ್ಲ ಎಂದು ಅವರು ಹೇಳಿದರು. ಯೋಜನೆಯಿಂದ ಪ್ರದೇಶದ ಅಭಿವೃದ್ಧಿ ಸಾಧ್ಯವಾಗಲಿದೆ. ಸಾವಿರಾರು ಉದ್ಯೋಗ ಸೃಷ್ಟಿಯಾಗಲಿದ್ದು ಸ್ಥಳೀಯರಿಗೆ ಆದ್ಯತೆ ನೀಡಲಾಗುವುದು.

ಈ ಹಿಂದೆ ಹೋರಾಟ ಮಾಡಲಿಲ್ಲ
ಡಿಎಲ್ಎಫ್ ಟೌನ್‌ಶಿಪ್ ಯೋಜನೆಗೆ ಈ ಪ್ರದೇಶವನ್ನು ಗುರುತಿಸಲಾಗಿತ್ತು. ಆಗ ಯಾರೂ ಹೋರಾಟ ಮಾಡಲಿಲ್ಲ. 9,600 ಎಕರೆ ಪ್ರದೇಶದಲ್ಲಿ ಯೋಜನೆ ರೂಪಿಸಲಾಗಿದೆ. 912 ಎಕರೆ ಪ್ರದೇಶದಲ್ಲಿ ಮೊದಲ ಹಂತದ ಕಾಮಗಾರಿ ಆರಂಭವಾಗಲಿದೆ. ರೈತರಿಗೆ ಅನ್ಯಾಯವಾಗಲು ಬಿಡುವುದಿಲ್ಲ ಎಂದು ಪ್ರಶ್ನಿಸಿದರು.
ಶಾಸಕ ಬಾಲಕೃಷ್ಣ ರೈತರ ಪರವಾಗಿದ್ದಾರೆ

ಈ ವೇಳೆ ಶಾಸಕ ಬಾಲಕೃಷ್ಣ ಅವರ ರೈತರ ಪರವಾಗಿದ್ದಾರೆ ಎಂದು ಪ್ರತಿಕ್ರಿಯಿಸಿದ ಡಿಕೆಶಿ, ಯಾರದೇ ಒತ್ತಡಕ್ಕೆ ಮಣಿಯುವ ಪ್ರಶ್ನೆಯಿಲ್ಲ. ರೈತರ ಭೂಮಿಗೆ ಉತ್ತಮ ಬೆಲೆ ಕೊಡಿಸುವುದು ನಮ್ಮ ಜವಾಬ್ದಾರಿ. ಜಿಲ್ಲೆಯ ಅಭಿವೃದ್ಧಿಗಾಗಿ ಎಲ್ಲರೂ ಸಹಕರಿಸಬೇಕು. ಯೋಜನೆ ಕುರಿತು ರೈತರೊಂದಿಗೆ ಸಭೆ ನಡೆಸಲಾಗುವುದು. ನಾವು ಪಾರದರ್ಶಕವಾಗಿ ಕೆಲಸ ಮಾಡುತ್ತೇವೆ ಎಂದು ಹೇಳಿದರು.

ಈ ವೇಳೆ ಶಾಸಕ ಬಾಲಕೃಷ್ಣ ಅವರ ರೈತರ ಪರವಾಗಿದ್ದಾರೆ ಎಂದು ಪ್ರತಿಕ್ರಿಯಿಸಿದ ಡಿಕೆಶಿ, ಯಾರದೇ ಒತ್ತಡಕ್ಕೆ ಮಣಿಯುವ ಪ್ರಶ್ನೆಯಿಲ್ಲ. ರೈತರ ಭೂಮಿಗೆ ಉತ್ತಮ ಬೆಲೆ ಕೊಡಿಸುವುದು ನಮ್ಮ ಜವಾಬ್ದಾರಿ. ಜಿಲ್ಲೆಯ ಅಭಿವೃದ್ಧಿಗಾಗಿ ಎಲ್ಲರೂ ಸಹಕರಿಸಬೇಕು. ಯೋಜನೆ ಕುರಿತು ರೈತರೊಂದಿಗೆ ಸಭೆ ನಡೆಸಲಾಗುವುದು. ನಾವು ಪಾರದರ್ಶಕವಾಗಿ ಕೆಲಸ ಮಾಡುತ್ತೇವೆ ಎಂದು ಹೇಳಿದರು.

ಪೆರಿಫೆರಲ್ ರಿಂಗ್ ರಸ್ತೆಗೆ 27 ಸಾವಿರ ಕೋಟಿ

ಬೆಂಗಳೂರು ನಗರದ ಸಂಚಾರ ದಟ್ಟಣೆ ನಿವಾರಣೆಗೆ ಪೆರಿಫೆರಲ್ ರಿಂಗ್ ರಸ್ತೆ ನಿರ್ಮಾಣಕ್ಕೆ 27 ಸಾವಿರ ಕೋಟಿ ರೂ. ವೆಚ್ಚ ಮಾಡಲಾಗುತ್ತಿದೆ. ಭೂಸ್ವಾಧೀನ ಪ್ರಕ್ರಿಯೆ ಪ್ರಗತಿಯಲ್ಲಿದ್ದು ಭೂಮಿ ಕಳೆದುಕೊಳ್ಳುವ ರೈತರಿಗೆ ನ್ಯಾಯಯುತ ಪರಿಹಾರ ನೀಡಲಾಗುವುದು. ಈ ಯೋಜನೆಯಿಂದ ನಗರದ ಹೊರವಲಯದ ಪ್ರದೇಶಗಳ ಅಭಿವೃದ್ಧಿಗೆ ಹೊಸ ದಿಕ್ಕು ಸಿಗಲಿದೆ. ಕಾಮಗಾರಿಯನ್ನು ನಿಗದಿತ ಅವಧಿಯಲ್ಲಿ ಪೂರ್ಣಗೊಳಿಸಲು ಸೂಚನೆ ನೀಡಲಾಗಿದೆ. ಕುಮಾರಸ್ವಾಮಿ ಅವರು ಭೂಸ್ವಾಧೀನ ವಿಚಾರದಲ್ಲಿ ರಾಜಕೀಯ ಮಾಡುತ್ತಿದ್ದಾರೆ ಎಂದು ಡಿಕೆಶಿ ಟೀಕಿಸಿದರು.

ಬೆಂಗಳೂರು ನಗರದ ಸಂಚಾರ ದಟ್ಟಣೆ ನಿವಾರಣೆಗೆ ಪೆರಿಫೆರಲ್ ರಿಂಗ್ ರಸ್ತೆ ನಿರ್ಮಾಣಕ್ಕೆ 27 ಸಾವಿರ ಕೋಟಿ ರೂ. ವೆಚ್ಚ ಮಾಡಲಾಗುತ್ತಿದೆ. ಭೂಸ್ವಾಧೀನ ಪ್ರಕ್ರಿಯೆ ಪ್ರಗತಿಯಲ್ಲಿದ್ದು ಭೂಮಿ ಕಳೆದುಕೊಳ್ಳುವ ರೈತರಿಗೆ ನ್ಯಾಯಯುತ ಪರಿಹಾರ ನೀಡಲಾಗುವುದು. ಈ ಯೋಜನೆಯಿಂದ ನಗರದ ಹೊರವಲಯದ ಪ್ರದೇಶಗಳ ಅಭಿವೃದ್ಧಿಗೆ ಹೊಸ ದಿಕ್ಕು ಸಿಗಲಿದೆ. ಕಾಮಗಾರಿಯನ್ನು ನಿಗದಿತ ಅವಧಿಯಲ್ಲಿ ಪೂರ್ಣಗೊಳಿಸಲು ಸೂಚನೆ ನೀಡಲಾಗಿದೆ. ಕುಮಾರಸ್ವಾಮಿ ಅವರು ಭೂಸ್ವಾಧೀನ ವಿಚಾರದಲ್ಲಿ ರಾಜಕೀಯ ಮಾಡುತ್ತಿದ್ದಾರೆ ಎಂದು ಡಿಕೆಶಿ ಟೀಕಿಸಿದರು.
